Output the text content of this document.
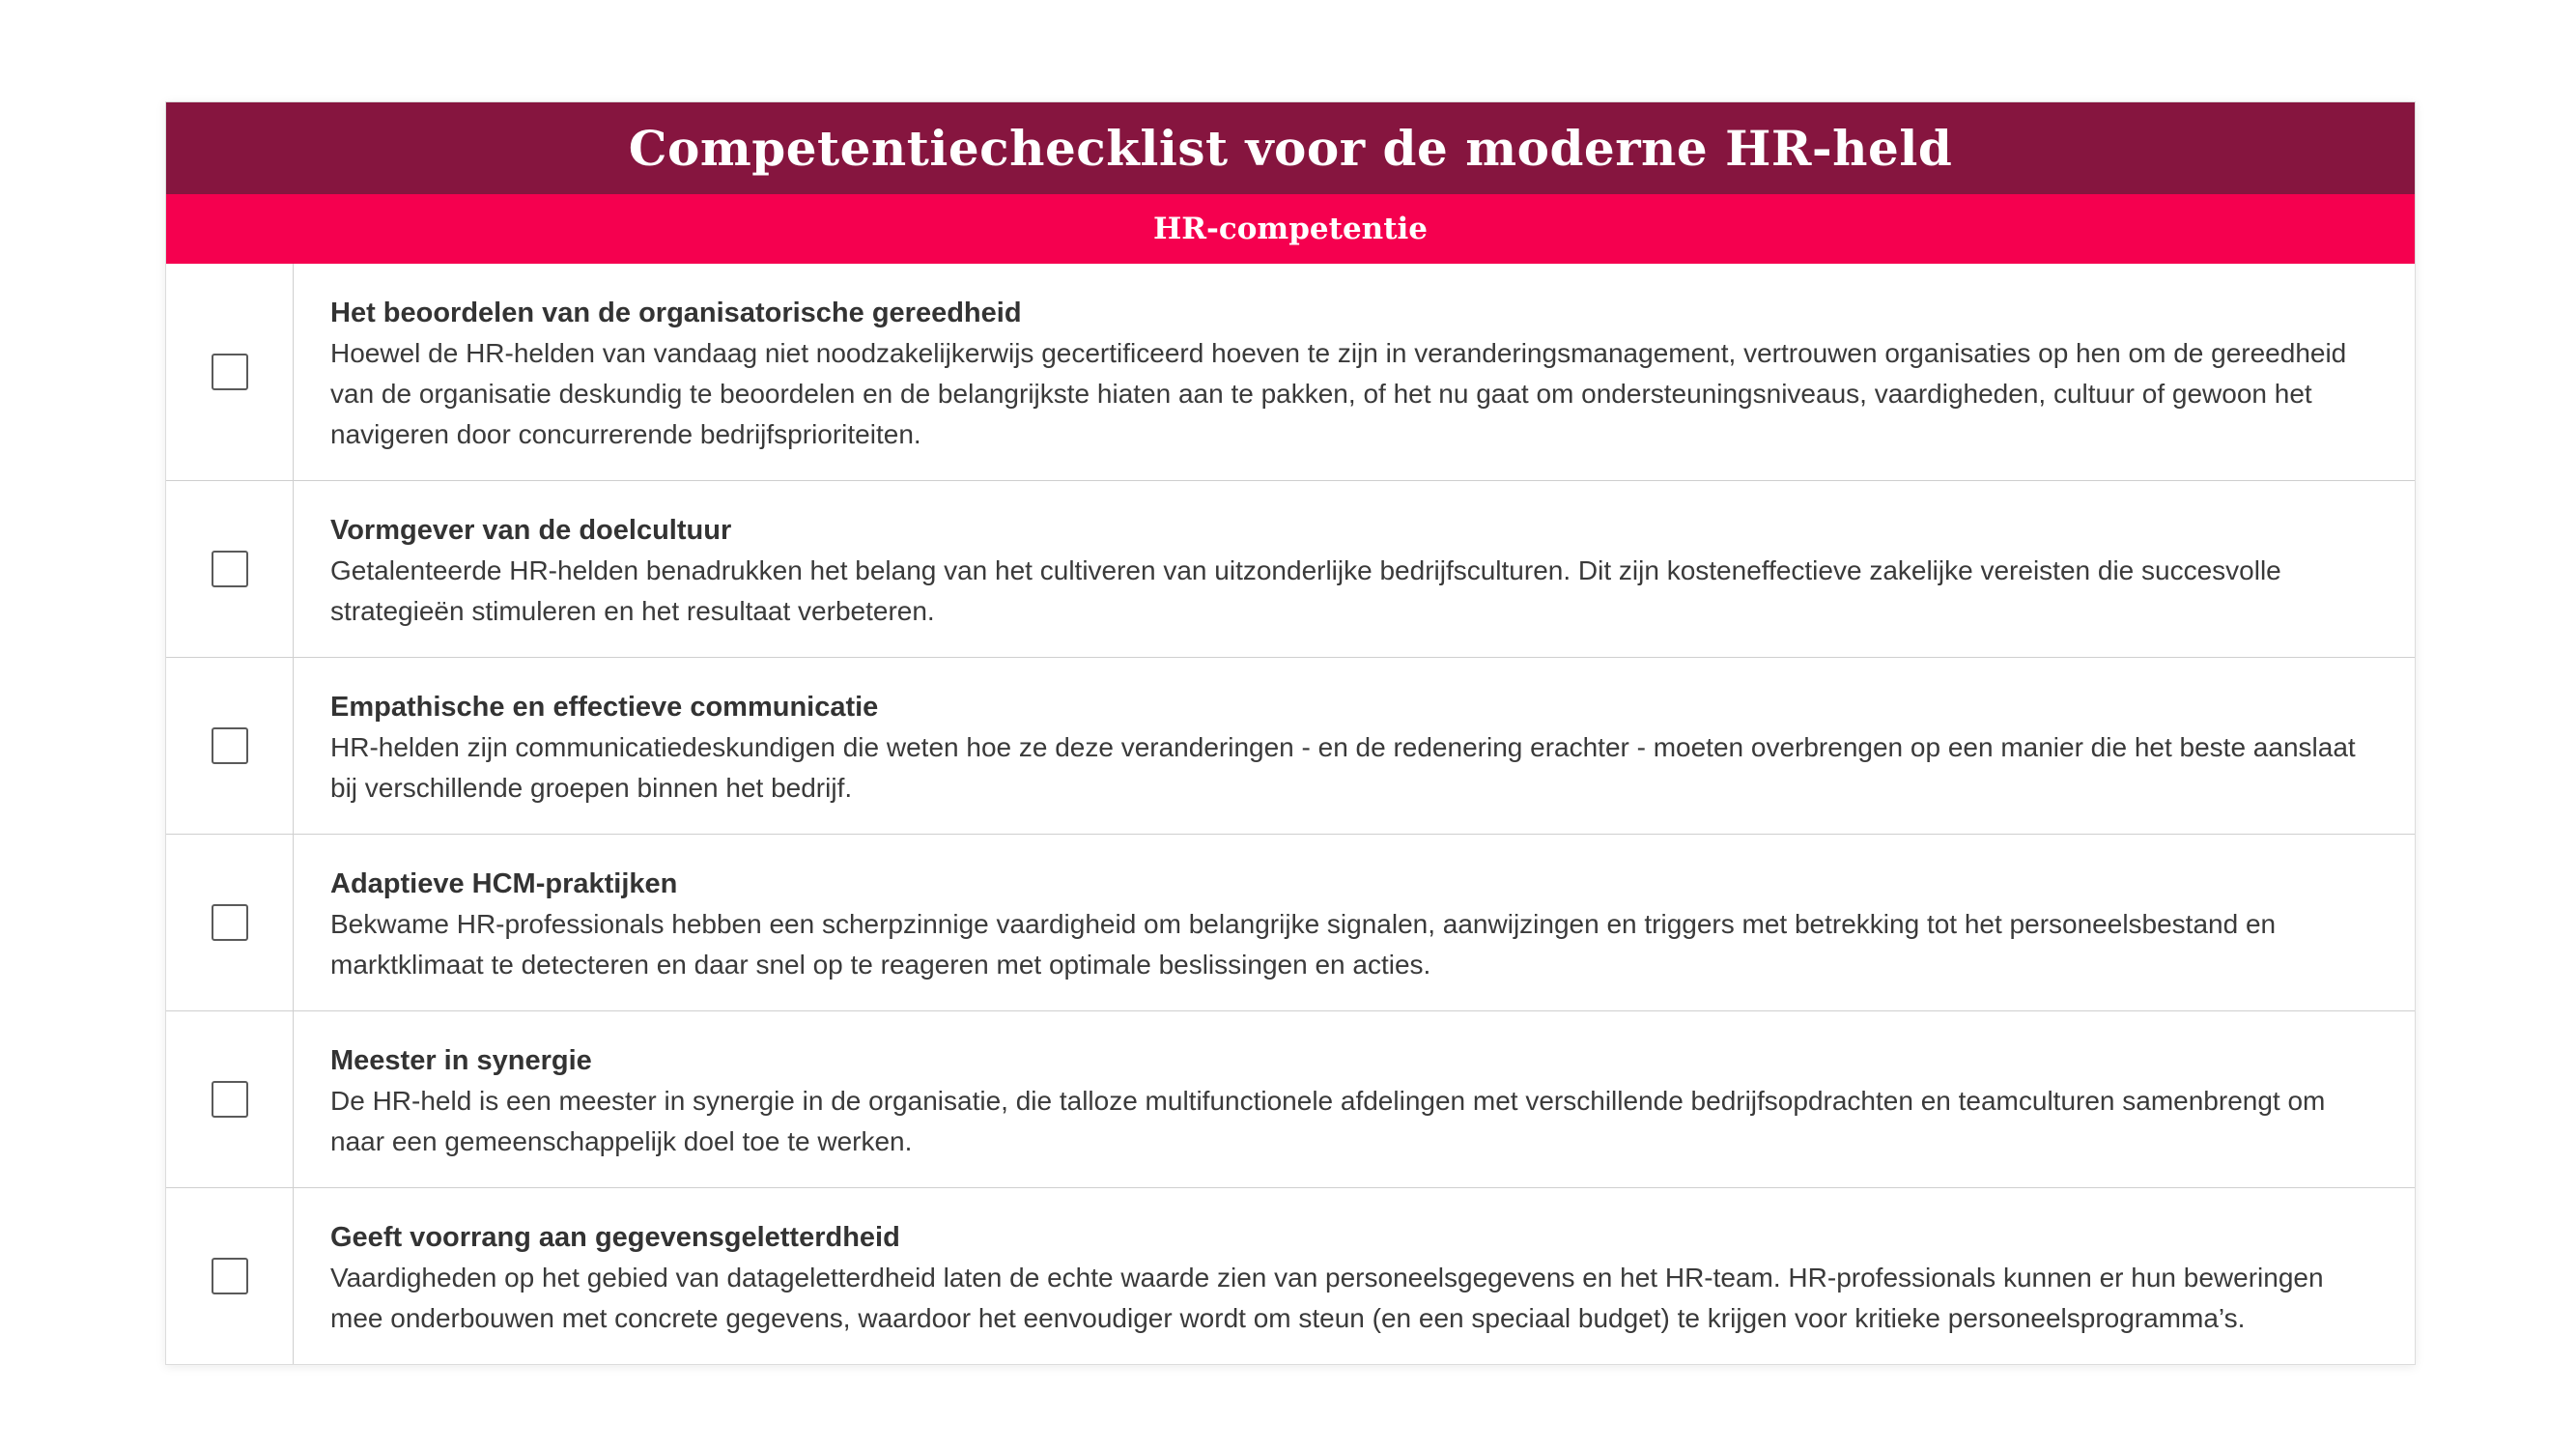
Competentiechecklist voor de moderne HR-held
HR-competentie
Het beoordelen van de organisatorische gereedheid
Hoewel de HR-helden van vandaag niet noodzakelijkerwijs gecertificeerd hoeven te zijn in veranderingsmanagement, vertrouwen organisaties op hen om de gereedheid van de organisatie deskundig te beoordelen en de belangrijkste hiaten aan te pakken, of het nu gaat om ondersteuningsniveaus, vaardigheden, cultuur of gewoon het navigeren door concurrerende bedrijfsprioriteiten.
Vormgever van de doelcultuur
Getalenteerde HR-helden benadrukken het belang van het cultiveren van uitzonderlijke bedrijfsculturen. Dit zijn kosteneffectieve zakelijke vereisten die succesvolle strategieën stimuleren en het resultaat verbeteren.
Empathische en effectieve communicatie
HR-helden zijn communicatiedeskundigen die weten hoe ze deze veranderingen - en de redenering erachter - moeten overbrengen op een manier die het beste aanslaat bij verschillende groepen binnen het bedrijf.
Adaptieve HCM-praktijken
Bekwame HR-professionals hebben een scherpzinnige vaardigheid om belangrijke signalen, aanwijzingen en triggers met betrekking tot het personeelsbestand en marktklimaat te detecteren en daar snel op te reageren met optimale beslissingen en acties.
Meester in synergie
De HR-held is een meester in synergie in de organisatie, die talloze multifunctionele afdelingen met verschillende bedrijfsopdrachten en teamculturen samenbrengt om naar een gemeenschappelijk doel toe te werken.
Geeft voorrang aan gegevensgeletterdheid
Vaardigheden op het gebied van datageletterdheid laten de echte waarde zien van personeelsgegevens en het HR-team. HR-professionals kunnen er hun beweringen mee onderbouwen met concrete gegevens, waardoor het eenvoudiger wordt om steun (en een speciaal budget) te krijgen voor kritieke personeelsprogramma’s.
